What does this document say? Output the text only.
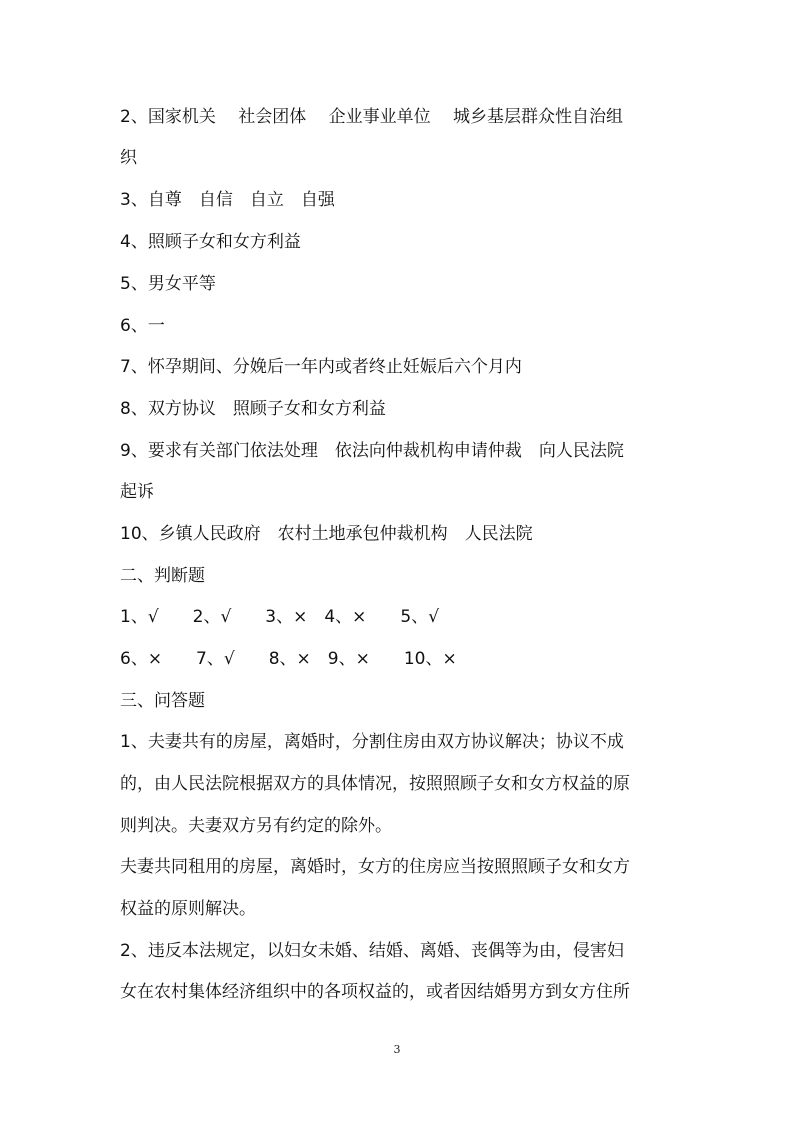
2、国家机关　 社会团体　 企业事业单位　 城乡基层群众性自治组
织
3、自尊　自信　自立　自强
4、照顾子女和女方利益
5、男女平等
6、一
7、怀孕期间、分娩后一年内或者终止妊娠后六个月内
8、双方协议　照顾子女和女方利益
9、要求有关部门依法处理　依法向仲裁机构申请仲裁　向人民法院
起诉
10、乡镇人民政府　农村土地承包仲裁机构　人民法院
二、判断题
1、√　　2、√　　3、×　4、×　　5、√
6、×　　7、√　　8、×　9、×　　10、×
三、问答题
1、夫妻共有的房屋，离婚时，分割住房由双方协议解决；协议不成
的，由人民法院根据双方的具体情况，按照照顾子女和女方权益的原
则判决。夫妻双方另有约定的除外。
夫妻共同租用的房屋，离婚时，女方的住房应当按照照顾子女和女方
权益的原则解决。
2、违反本法规定，以妇女未婚、结婚、离婚、丧偶等为由，侵害妇
女在农村集体经济组织中的各项权益的，或者因结婚男方到女方住所
3
